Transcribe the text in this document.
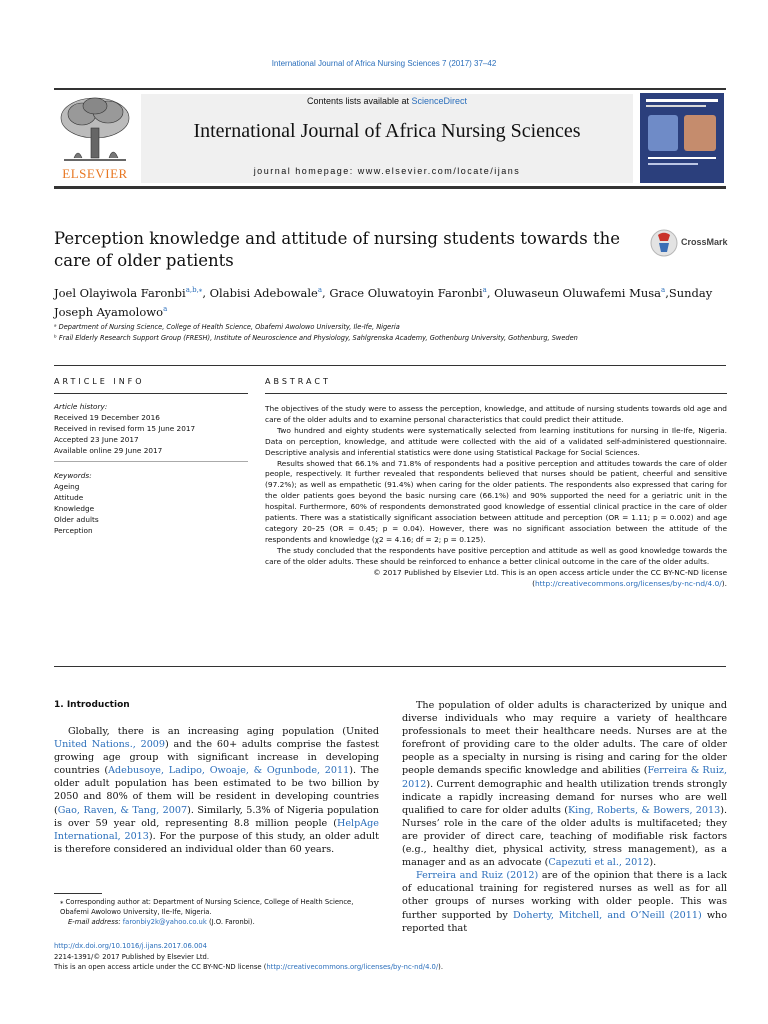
International Journal of Africa Nursing Sciences 7 (2017) 37–42
ELSEVIER
Contents lists available at ScienceDirect
International Journal of Africa Nursing Sciences
journal homepage: www.elsevier.com/locate/ijans
Perception knowledge and attitude of nursing students towards the care of older patients
CrossMark
Joel Olayiwola Faronbi$^{a,b,⁎}$, Olabisi Adebowale$^a$, Grace Oluwatoyin Faronbi$^a$, Oluwaseun Oluwafemi Musa$^a$,Sunday Joseph Ayamolowo$^a$
ᵃ Department of Nursing Science, College of Health Science, Obafemi Awolowo University, Ile-Ife, Nigeria
ᵇ Frail Elderly Research Support Group (FRESH), Institute of Neuroscience and Physiology, Sahlgrenska Academy, Gothenburg University, Gothenburg, Sweden
ARTICLE INFO	ABSTRACT
Article history:
Received 19 December 2016
Received in revised form 15 June 2017
Accepted 23 June 2017
Available online 29 June 2017
Keywords:
Ageing
Attitude
Knowledge
Older adults
Perception

The objectives of the study were to assess the perception, knowledge, and attitude of nursing students towards old age and care of the older adults and to examine personal characteristics that could predict their attitude.

Two hundred and eighty students were systematically selected from learning institutions for nursing in Ile-Ife, Nigeria. Data on perception, knowledge, and attitude were collected with the aid of a validated self-administered questionnaire. Descriptive analysis and inferential statistics were done using Statistical Package for Social Sciences.

Results showed that 66.1% and 71.8% of respondents had a positive perception and attitudes towards the care of older people, respectively. It further revealed that respondents believed that nurses should be patient, cheerful and sensitive (97.2%); as well as empathetic (91.4%) when caring for the older patients. The respondents also expressed that caring for the older patients goes beyond the basic nursing care (66.1%) and 90% supported the need for a geriatric unit in the hospital. Furthermore, 60% of respondents demonstrated good knowledge of essential clinical practice in the care of older patients. There was a statistically significant association between attitude and perception (OR = 1.11; p = 0.002) and age category 20–25 (OR = 0.45; p = 0.04). However, there was no significant association between the attitude of the respondents and knowledge (χ2 = 4.16; df = 2; p = 0.125).

The study concluded that the respondents have positive perception and attitude as well as good knowledge towards the care of the older adults. These should be reinforced to enhance a better clinical outcome in the care of the older adults.

© 2017 Published by Elsevier Ltd. This is an open access article under the CC BY-NC-ND license (http://creativecommons.org/licenses/by-nc-nd/4.0/).

1. Introduction

Globally, there is an increasing aging population (United United Nations., 2009) and the 60+ adults comprise the fastest growing age group with significant increase in developing countries (Adebusoye, Ladipo, Owoaje, & Ogunbode, 2011). The older adult population has been estimated to be two billion by 2050 and 80% of them will be resident in developing countries (Gao, Raven, & Tang, 2007). Similarly, 5.3% of Nigeria population is over 59 year old, representing 8.8 million people (HelpAge International, 2013). For the purpose of this study, an older adult is therefore considered an individual older than 60 years.

The population of older adults is characterized by unique and diverse individuals who may require a variety of healthcare professionals to meet their healthcare needs. Nurses are at the forefront of providing care to the older adults. The care of older people as a specialty in nursing is rising and caring for the older people demands specific knowledge and abilities (Ferreira & Ruiz, 2012). Current demographic and health utilization trends strongly indicate a rapidly increasing demand for nurses who are well qualified to care for older adults (King, Roberts, & Bowers, 2013). Nurses’ role in the care of the older adults is multifaceted; they are provider of direct care, teaching of modifiable risk factors (e.g., healthy diet, physical activity, stress management), as a manager and as an advocate (Capezuti et al., 2012).

Ferreira and Ruiz (2012) are of the opinion that there is a lack of educational training for registered nurses as well as for all other groups of nurses working with older people. This was further supported by Doherty, Mitchell, and O’Neill (2011) who reported that

⁎ Corresponding author at: Department of Nursing Science, College of Health Science, Obafemi Awolowo University, Ile-Ife, Nigeria.
E-mail address: faronbiy2k@yahoo.co.uk (J.O. Faronbi).
http://dx.doi.org/10.1016/j.ijans.2017.06.004
2214-1391/© 2017 Published by Elsevier Ltd.
This is an open access article under the CC BY-NC-ND license (http://creativecommons.org/licenses/by-nc-nd/4.0/).
